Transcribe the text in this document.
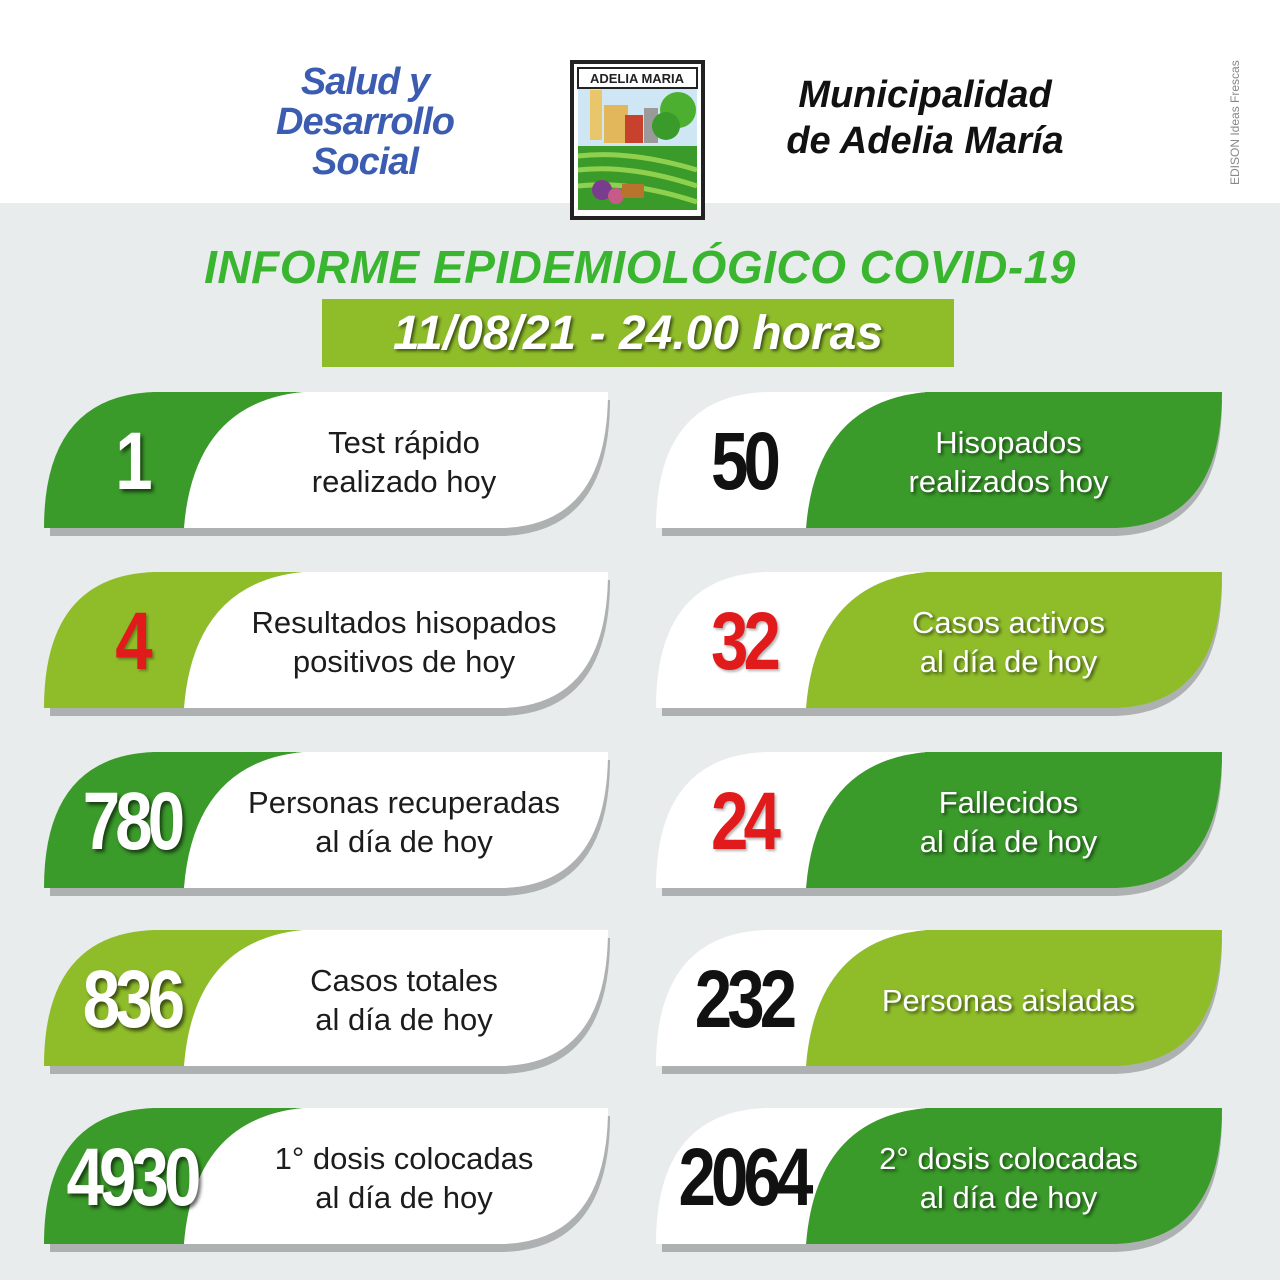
Salud y
Desarrollo
Social
ADELIA MARIA	Municipalidad
de Adelia María	EDISON Ideas Frescas
INFORME EPIDEMIOLÓGICO COVID-19
11/08/21 - 24.00 horas
1	Test rápido
realizado hoy	50	Hisopados
realizados hoy
4	Resultados hisopados
positivos de hoy	32	Casos activos
al día de hoy
780	Personas recuperadas
al día de hoy	24	Fallecidos
al día de hoy
836	Casos totales
al día de hoy	232	Personas aisladas
4930	1° dosis colocadas
al día de hoy	2064	2° dosis colocadas
al día de hoy
